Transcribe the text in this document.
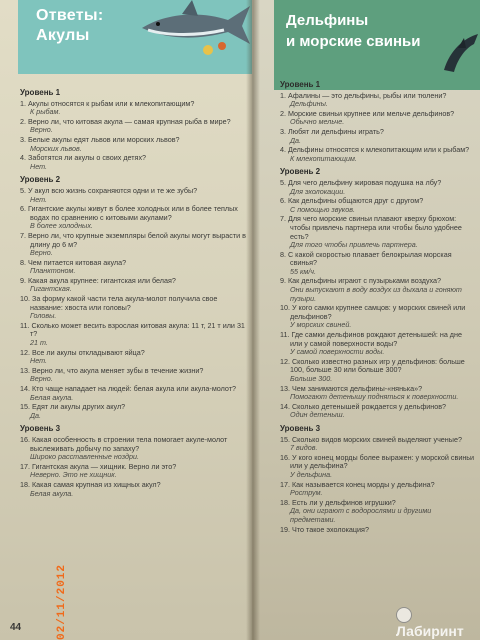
Ответы:
Акулы
Уровень 1

1. Акулы относятся к рыбам или к млекопитающим?

К рыбам.

2. Верно ли, что китовая акула — самая крупная рыба в мире?

Верно.

3. Белые акулы едят львов или морских львов?

Морских львов.

4. Заботятся ли акулы о своих детях?

Нет.

Уровень 2

5. У акул всю жизнь сохраняются одни и те же зубы?

Нет.

6. Гигантские акулы живут в более холодных или в более теплых водах по сравнению с китовыми акулами?

В более холодных.

7. Верно ли, что крупные экземпляры белой акулы могут вырасти в длину до 6 м?

Верно.

8. Чем питается китовая акула?

Планктоном.

9. Какая акула крупнее: гигантская или белая?

Гигантская.

10. За форму какой части тела акула-молот получила свое название: хвоста или головы?

Головы.

11. Сколько может весить взрослая китовая акула: 11 т, 21 т или 31 т?

21 т.

12. Все ли акулы откладывают яйца?

Нет.

13. Верно ли, что акула меняет зубы в течение жизни?

Верно.

14. Кто чаще нападает на людей: белая акула или акула-молот?

Белая акула.

15. Едят ли акулы других акул?

Да.

Уровень 3

16. Какая особенность в строении тела помогает акуле-молот выслеживать добычу по запаху?

Широко расставленные ноздри.

17. Гигантская акула — хищник. Верно ли это?

Неверно. Это не хищник.

18. Какая самая крупная из хищных акул?

Белая акула.

44
Дельфины
и морские свиньи
Уровень 1

1. Афалины — это дельфины, рыбы или тюлени?

Дельфины.

2. Морские свиньи крупнее или мельче дельфинов?

Обычно мельче.

3. Любят ли дельфины играть?

Да.

4. Дельфины относятся к млекопитающим или к рыбам?

К млекопитающим.

Уровень 2

5. Для чего дельфину жировая подушка на лбу?

Для эхолокации.

6. Как дельфины общаются друг с другом?

С помощью звуков.

7. Для чего морские свиньи плавают кверху брюхом: чтобы привлечь партнера или чтобы было удобнее есть?

Для того чтобы привлечь партнера.

8. С какой скоростью плавает белокрылая морская свинья?

55 км/ч.

9. Как дельфины играют с пузырьками воздуха?

Они выпускают в воду воздух из дыхала и гоняют пузыри.

10. У кого самки крупнее самцов: у морских свиней или дельфинов?

У морских свиней.

11. Где самки дельфинов рождают детенышей: на дне или у самой поверхности воды?

У самой поверхности воды.

12. Сколько известно разных игр у дельфинов: больше 100, больше 30 или больше 300?

Больше 300.

13. Чем занимаются дельфины-«нянька»?

Помогают детенышу подняться к поверхности.

14. Сколько детенышей рождается у дельфинов?

Один детеныш.

Уровень 3

15. Сколько видов морских свиней выделяют ученые?

7 видов.

16. У кого конец морды более выражен: у морской свиньи или у дельфина?

У дельфина.

17. Как называется конец морды у дельфина?

Рострум.

18. Есть ли у дельфинов игрушки?

Да, они играют с водорослями и другими предметами.

19. Что такое эхолокация?

02/11/2012	Лабиринт
